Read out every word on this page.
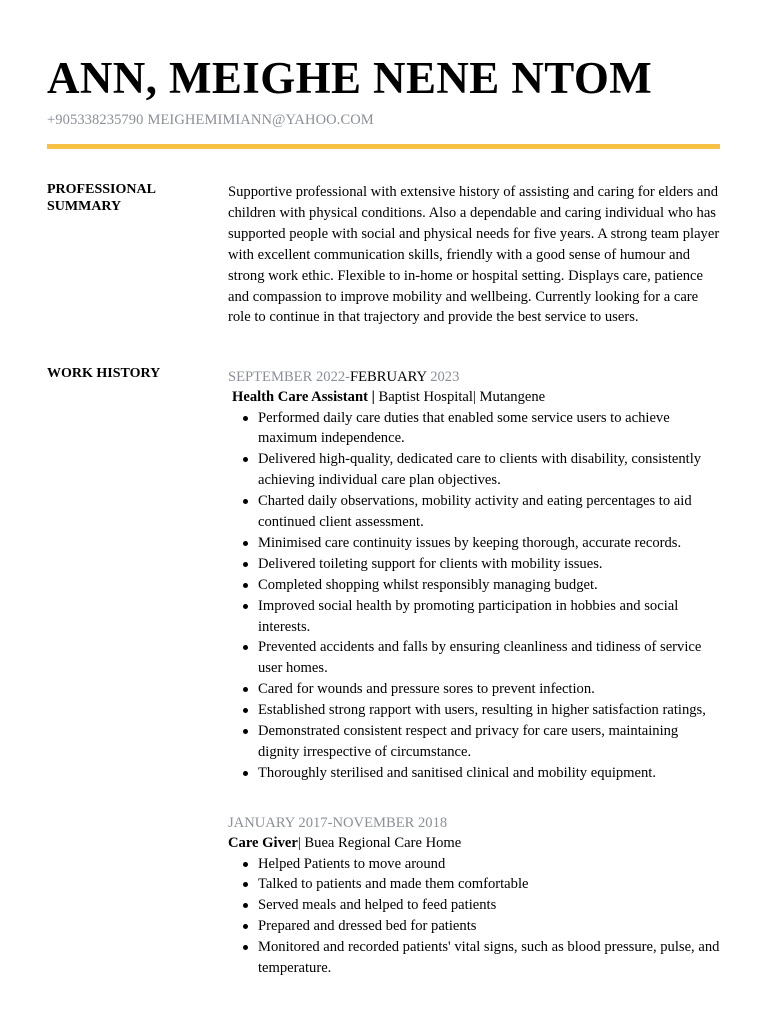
ANN, MEIGHE NENE NTOM
+905338235790 MEIGHEMIMIANN@YAHOO.COM
PROFESSIONAL
SUMMARY
Supportive professional with extensive history of assisting and caring for elders and children with physical conditions. Also a dependable and caring individual who has supported people with social and physical needs for five years. A strong team player with excellent communication skills, friendly with a good sense of humour and strong work ethic. Flexible to in-home or hospital setting. Displays care, patience and compassion to improve mobility and wellbeing. Currently looking for a care role to continue in that trajectory and provide the best service to users.
WORK HISTORY	SEPTEMBER 2022-FEBRUARY 2023
Health Care Assistant | Baptist Hospital| Mutangene
Performed daily care duties that enabled some service users to achieve maximum independence.
Delivered high-quality, dedicated care to clients with disability, consistently achieving individual care plan objectives.
Charted daily observations, mobility activity and eating percentages to aid continued client assessment.
Minimised care continuity issues by keeping thorough, accurate records.
Delivered toileting support for clients with mobility issues.
Completed shopping whilst responsibly managing budget.
Improved social health by promoting participation in hobbies and social interests.
Prevented accidents and falls by ensuring cleanliness and tidiness of service user homes.
Cared for wounds and pressure sores to prevent infection.
Established strong rapport with users, resulting in higher satisfaction ratings,
Demonstrated consistent respect and privacy for care users, maintaining dignity irrespective of circumstance.
Thoroughly sterilised and sanitised clinical and mobility equipment.
JANUARY 2017-NOVEMBER 2018
Care Giver| Buea Regional Care Home
Helped Patients to move around
Talked to patients and made them comfortable
Served meals and helped to feed patients
Prepared and dressed bed for patients
Monitored and recorded patients' vital signs, such as blood pressure, pulse, and temperature.
